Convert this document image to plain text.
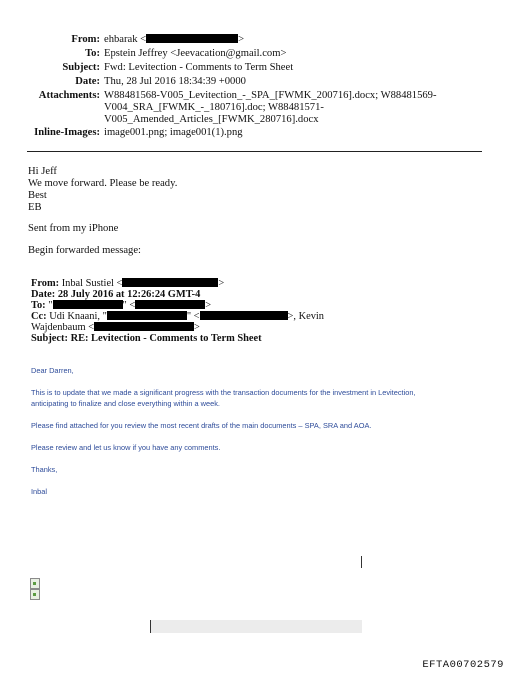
From: ehbarak <	>
To: Epstein Jeffrey <Jeevacation@gmail.com>
Subject: Fwd: Levitection - Comments to Term Sheet
Date: Thu, 28 Jul 2016 18:34:39 +0000
Attachments: W88481568-V005_Levitection_-_SPA_[FWMK_200716].docx; W88481569-
V004_SRA_[FWMK_-_180716].doc; W88481571-
V005_Amended_Articles_[FWMK_280716].docx
Inline-Images: image001.png; image001(1).png
Hi Jeff
We move forward. Please be ready.
Best
EB
Sent from my iPhone
Begin forwarded message:
From: Inbal Sustiel <	>
Date: 28 July 2016 at 12:26:24 GMT-4
To: "	" <	>
Cc: Udi Knaani, "	" <	>, Kevin
Wajdenbaum <	>
Subject: RE: Levitection - Comments to Term Sheet
Dear Darren,
This is to update that we made a significant progress with the transaction documents for the investment in Levitection,
anticipating to finalize and close everything within a week.
Please find attached for you review the most recent drafts of the main documents – SPA, SRA and AOA.
Please review and let us know if you have any comments.
Thanks,
Inbal
EFTA00702579
